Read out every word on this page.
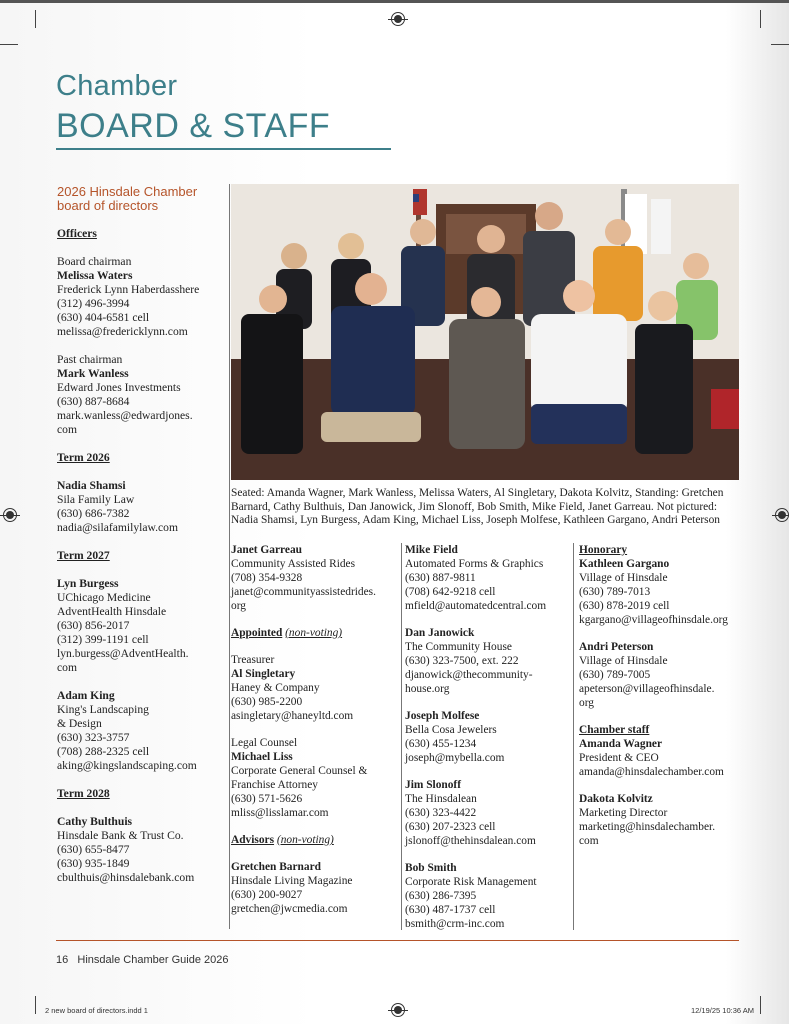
Chamber
BOARD & STAFF
2026 Hinsdale Chamber board of directors
Officers
Board chairman
Melissa Waters
Frederick Lynn Haberdasshere
(312) 496-3994
(630) 404-6581 cell
melissa@fredericklynn.com
Past chairman
Mark Wanless
Edward Jones Investments
(630) 887-8684
mark.wanless@edwardjones.
com
Term 2026
Nadia Shamsi
Sila Family Law
(630) 686-7382
nadia@silafamilylaw.com
Term 2027
Lyn Burgess
UChicago Medicine
AdventHealth Hinsdale
(630) 856-2017
(312) 399-1191 cell
lyn.burgess@AdventHealth.
com
Adam King
King's Landscaping
& Design
(630) 323-3757
(708) 288-2325 cell
aking@kingslandscaping.com
Term 2028
Cathy Bulthuis
Hinsdale Bank & Trust Co.
(630) 655-8477
(630) 935-1849
cbulthuis@hinsdalebank.com
Seated: Amanda Wagner, Mark Wanless, Melissa Waters, Al Singletary, Dakota Kolvitz, Standing: Gretchen Barnard, Cathy Bulthuis, Dan Janowick, Jim Slonoff, Bob Smith, Mike Field, Janet Garreau. Not pictured: Nadia Shamsi, Lyn Burgess, Adam King, Michael Liss, Joseph Molfese, Kathleen Gargano, Andri Peterson
Janet Garreau
Community Assisted Rides
(708) 354-9328
janet@communityassistedrides.
org
Appointed (non-voting)
Treasurer
Al Singletary
Haney & Company
(630) 985-2200
asingletary@haneyltd.com
Legal Counsel
Michael Liss
Corporate General Counsel &
Franchise Attorney
(630) 571-5626
mliss@lisslamar.com
Advisors (non-voting)
Gretchen Barnard
Hinsdale Living Magazine
(630) 200-9027
gretchen@jwcmedia.com
Mike Field
Automated Forms & Graphics
(630) 887-9811
(708) 642-9218 cell
mfield@automatedcentral.com
Dan Janowick
The Community House
(630) 323-7500, ext. 222
djanowick@thecommunity-
house.org
Joseph Molfese
Bella Cosa Jewelers
(630) 455-1234
joseph@mybella.com
Jim Slonoff
The Hinsdalean
(630) 323-4422
(630) 207-2323 cell
jslonoff@thehinsdalean.com
Bob Smith
Corporate Risk Management
(630) 286-7395
(630) 487-1737 cell
bsmith@crm-inc.com
Honorary
Kathleen Gargano
Village of Hinsdale
(630) 789-7013
(630) 878-2019 cell
kgargano@villageofhinsdale.org
Andri Peterson
Village of Hinsdale
(630) 789-7005
apeterson@villageofhinsdale.
org
Chamber staff
Amanda Wagner
President & CEO
amanda@hinsdalechamber.com
Dakota Kolvitz
Marketing Director
marketing@hinsdalechamber.
com
16 Hinsdale Chamber Guide 2026
2 new board of directors.indd 1	12/19/25 10:36 AM
